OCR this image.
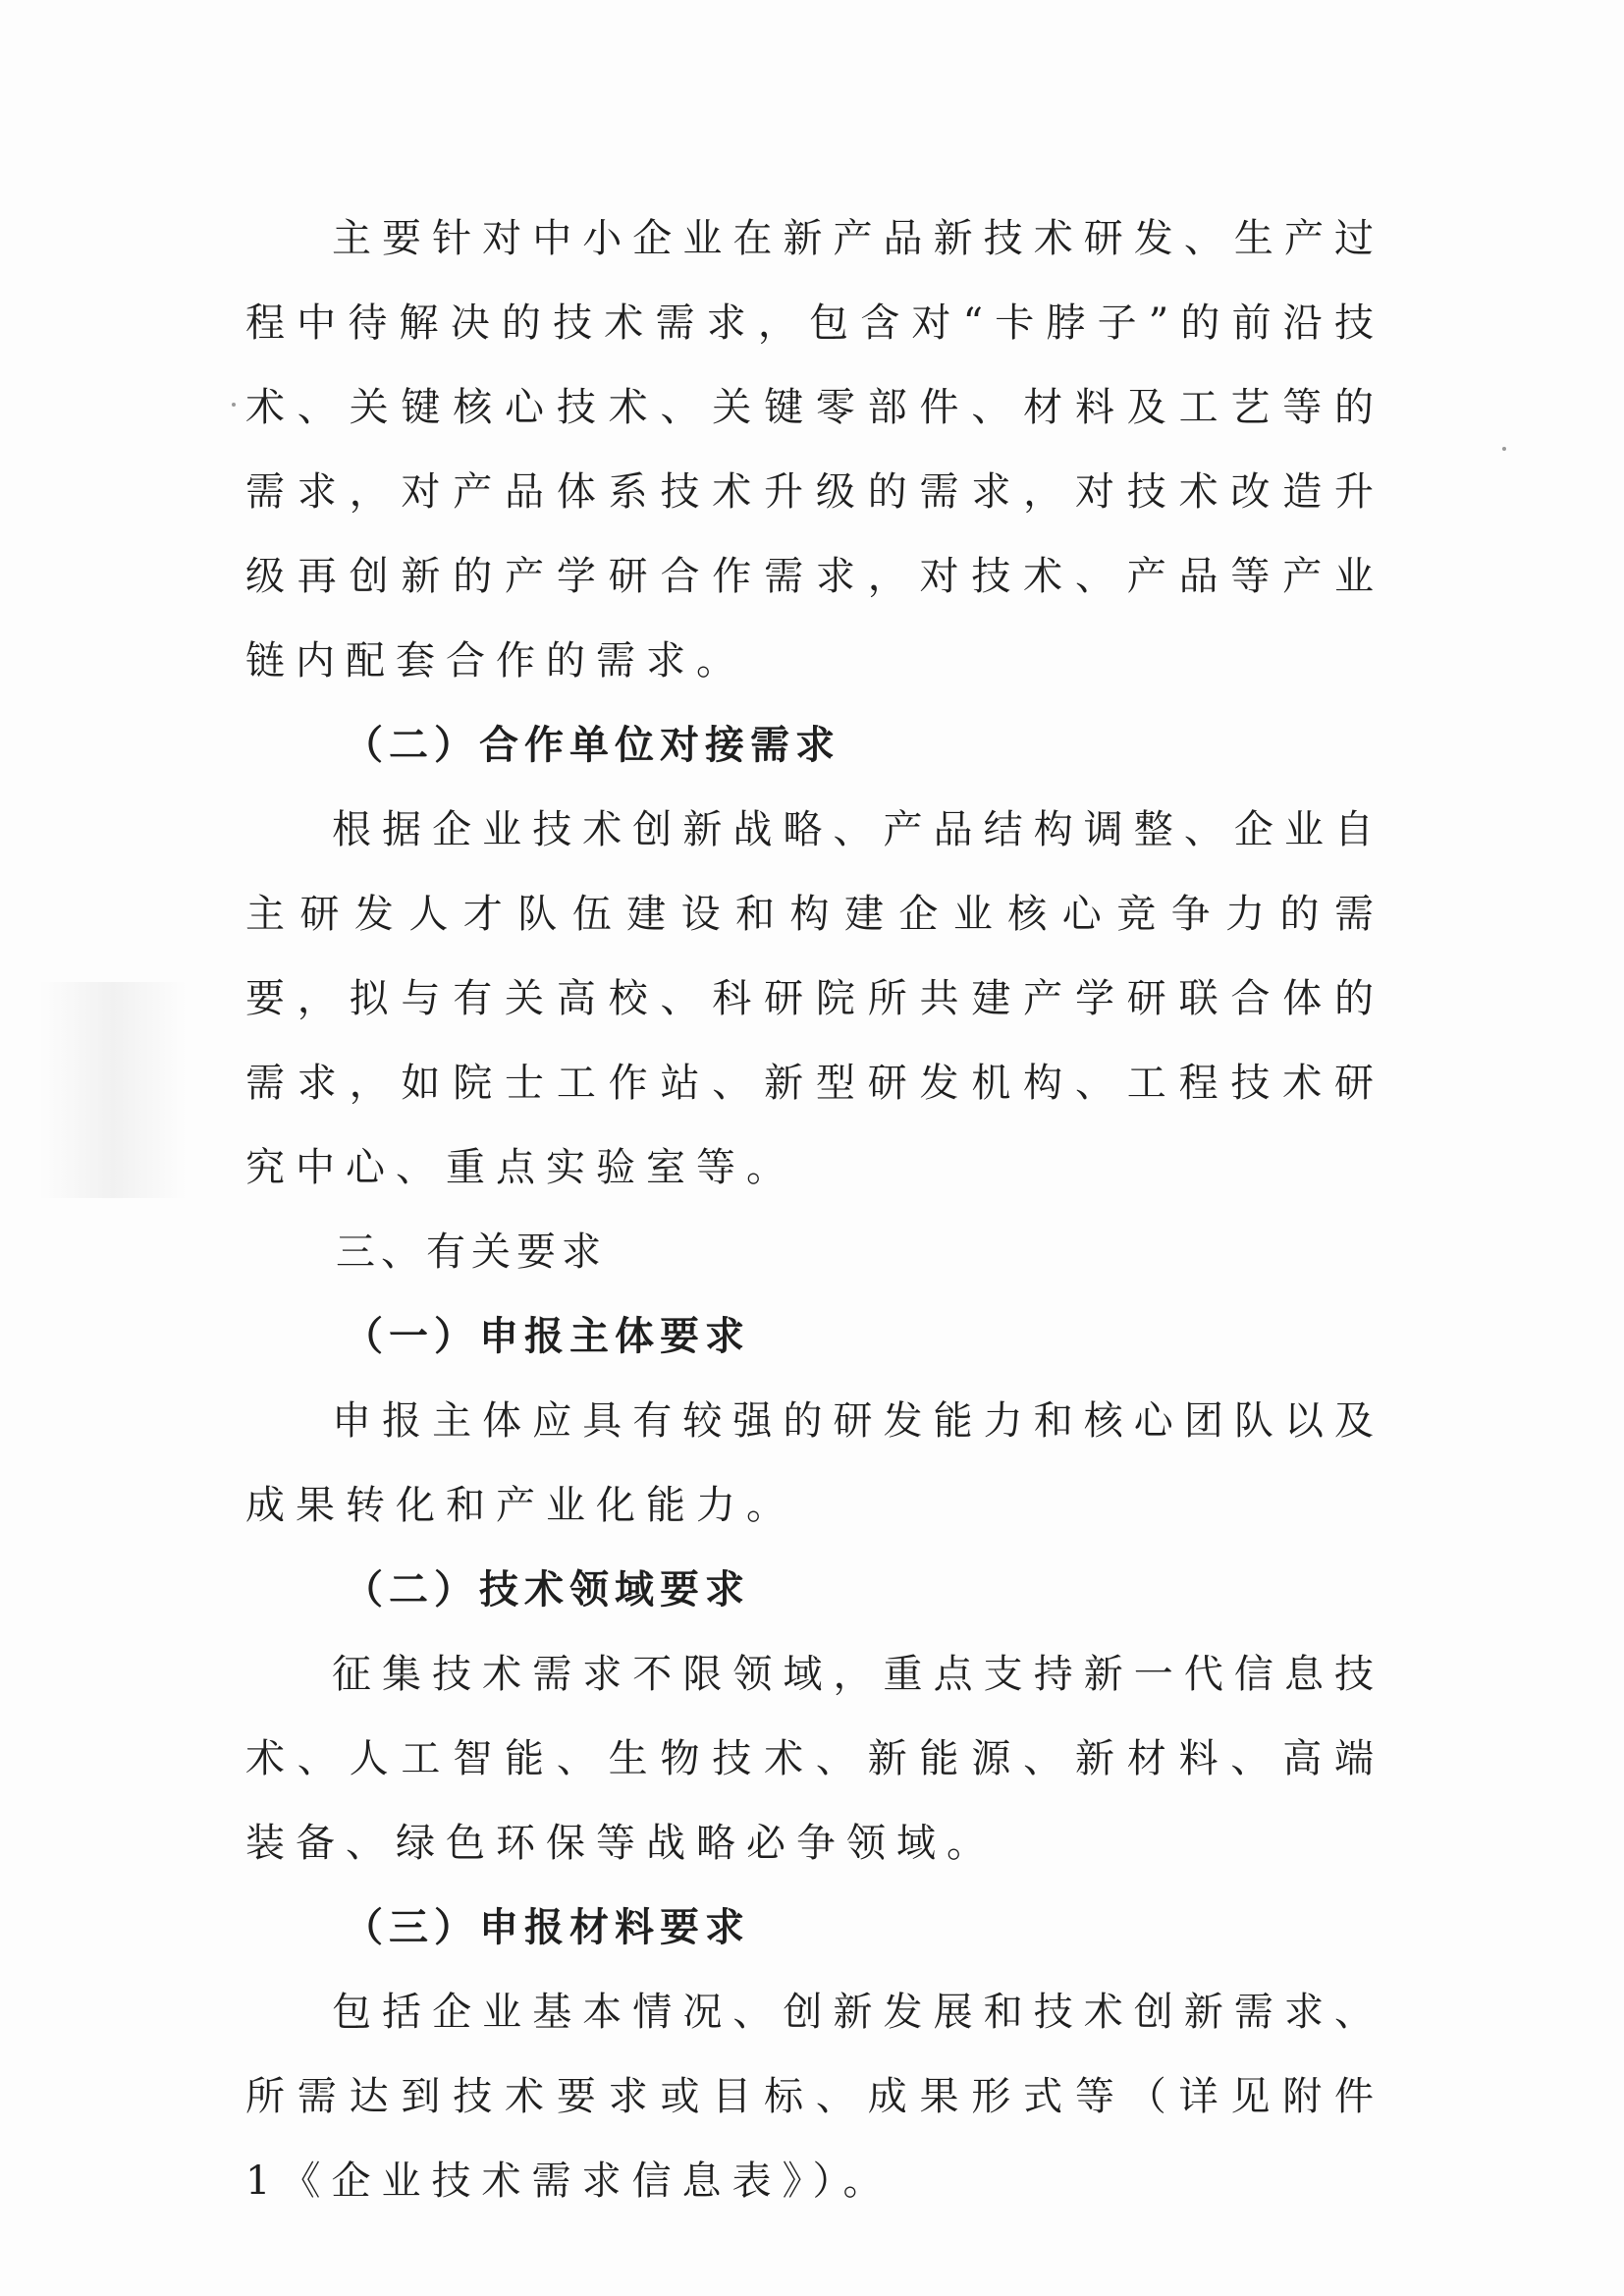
主要针对中小企业在新产品新技术研发、生产过程中待解决的技术需求，包含对“卡脖子”的前沿技术、关键核心技术、关键零部件、材料及工艺等的需求，对产品体系技术升级的需求，对技术改造升级再创新的产学研合作需求，对技术、产品等产业链内配套合作的需求。

（二）合作单位对接需求

根据企业技术创新战略、产品结构调整、企业自主研发人才队伍建设和构建企业核心竞争力的需要，拟与有关高校、科研院所共建产学研联合体的需求，如院士工作站、新型研发机构、工程技术研究中心、重点实验室等。

三、有关要求

（一）申报主体要求

申报主体应具有较强的研发能力和核心团队以及成果转化和产业化能力。

（二）技术领域要求

征集技术需求不限领域，重点支持新一代信息技术、人工智能、生物技术、新能源、新材料、高端装备、绿色环保等战略必争领域。

（三）申报材料要求

包括企业基本情况、创新发展和技术创新需求、所需达到技术要求或目标、成果形式等（详见附件 1《企业技术需求信息表》）。
